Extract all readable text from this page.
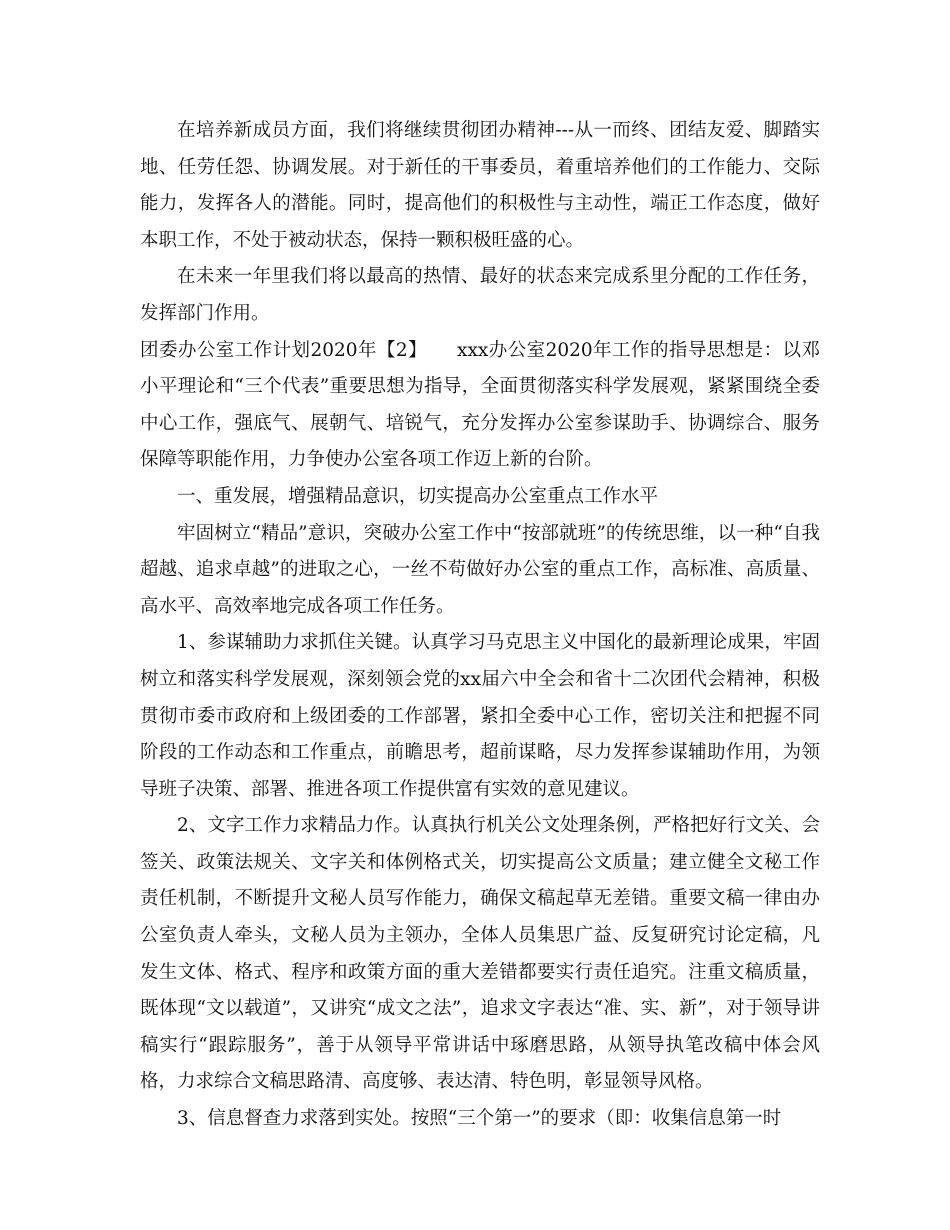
在培养新成员方面，我们将继续贯彻团办精神---从一而终、团结友爱、脚踏实地、任劳任怨、协调发展。对于新任的干事委员，着重培养他们的工作能力、交际能力，发挥各人的潜能。同时，提高他们的积极性与主动性，端正工作态度，做好本职工作，不处于被动状态，保持一颗积极旺盛的心。

在未来一年里我们将以最高的热情、最好的状态来完成系里分配的工作任务，发挥部门作用。

团委办公室工作计划2020年【2】 xxx办公室2020年工作的指导思想是：以邓小平理论和“三个代表”重要思想为指导，全面贯彻落实科学发展观，紧紧围绕全委中心工作，强底气、展朝气、培锐气，充分发挥办公室参谋助手、协调综合、服务保障等职能作用，力争使办公室各项工作迈上新的台阶。

一、重发展，增强精品意识，切实提高办公室重点工作水平

牢固树立“精品”意识，突破办公室工作中“按部就班”的传统思维，以一种“自我超越、追求卓越”的进取之心，一丝不苟做好办公室的重点工作，高标准、高质量、高水平、高效率地完成各项工作任务。

1、参谋辅助力求抓住关键。认真学习马克思主义中国化的最新理论成果，牢固树立和落实科学发展观，深刻领会党的xx届六中全会和省十二次团代会精神，积极贯彻市委市政府和上级团委的工作部署，紧扣全委中心工作，密切关注和把握不同阶段的工作动态和工作重点，前瞻思考，超前谋略，尽力发挥参谋辅助作用，为领导班子决策、部署、推进各项工作提供富有实效的意见建议。

2、文字工作力求精品力作。认真执行机关公文处理条例，严格把好行文关、会签关、政策法规关、文字关和体例格式关，切实提高公文质量；建立健全文秘工作责任机制，不断提升文秘人员写作能力，确保文稿起草无差错。重要文稿一律由办公室负责人牵头，文秘人员为主领办，全体人员集思广益、反复研究讨论定稿，凡发生文体、格式、程序和政策方面的重大差错都要实行责任追究。注重文稿质量，既体现“文以载道”，又讲究“成文之法”，追求文字表达“准、实、新”，对于领导讲稿实行“跟踪服务”，善于从领导平常讲话中琢磨思路，从领导执笔改稿中体会风格，力求综合文稿思路清、高度够、表达清、特色明，彰显领导风格。

3、信息督查力求落到实处。按照“三个第一”的要求（即：收集信息第一时
